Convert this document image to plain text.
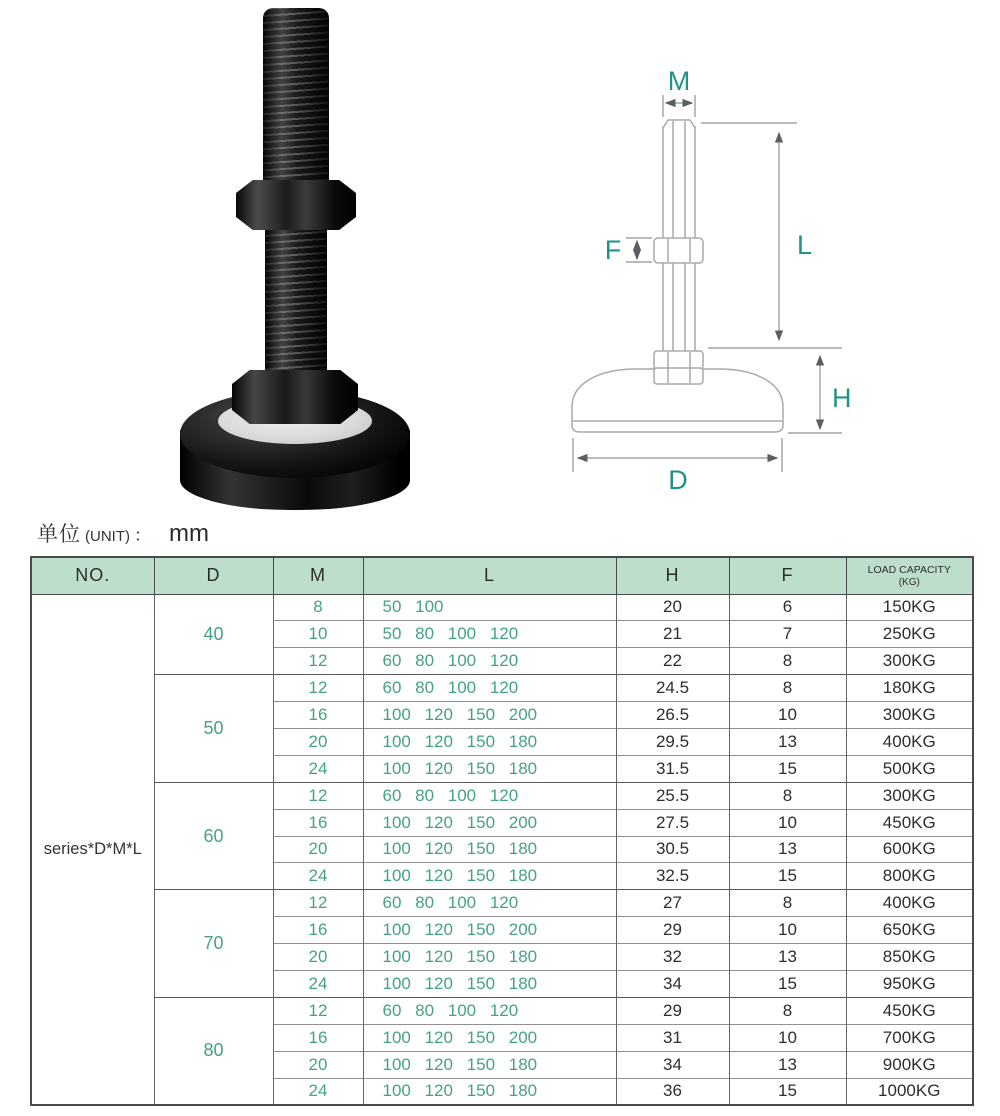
M
L
F
H
D
单位 (UNIT) ： mm
NO.	D	M	L	H	F	LOAD CAPACITY
(KG)

series*D*M*L	40	8	50 100	20	6	150KG
		10	50 80 100 120	21	7	250KG
		12	60 80 100 120	22	8	300KG
	50	12	60 80 100 120	24.5	8	180KG
		16	100 120 150 200	26.5	10	300KG
		20	100 120 150 180	29.5	13	400KG
		24	100 120 150 180	31.5	15	500KG
	60	12	60 80 100 120	25.5	8	300KG
		16	100 120 150 200	27.5	10	450KG
		20	100 120 150 180	30.5	13	600KG
		24	100 120 150 180	32.5	15	800KG
	70	12	60 80 100 120	27	8	400KG
		16	100 120 150 200	29	10	650KG
		20	100 120 150 180	32	13	850KG
		24	100 120 150 180	34	15	950KG
	80	12	60 80 100 120	29	8	450KG
		16	100 120 150 200	31	10	700KG
		20	100 120 150 180	34	13	900KG
		24	100 120 150 180	36	15	1000KG
